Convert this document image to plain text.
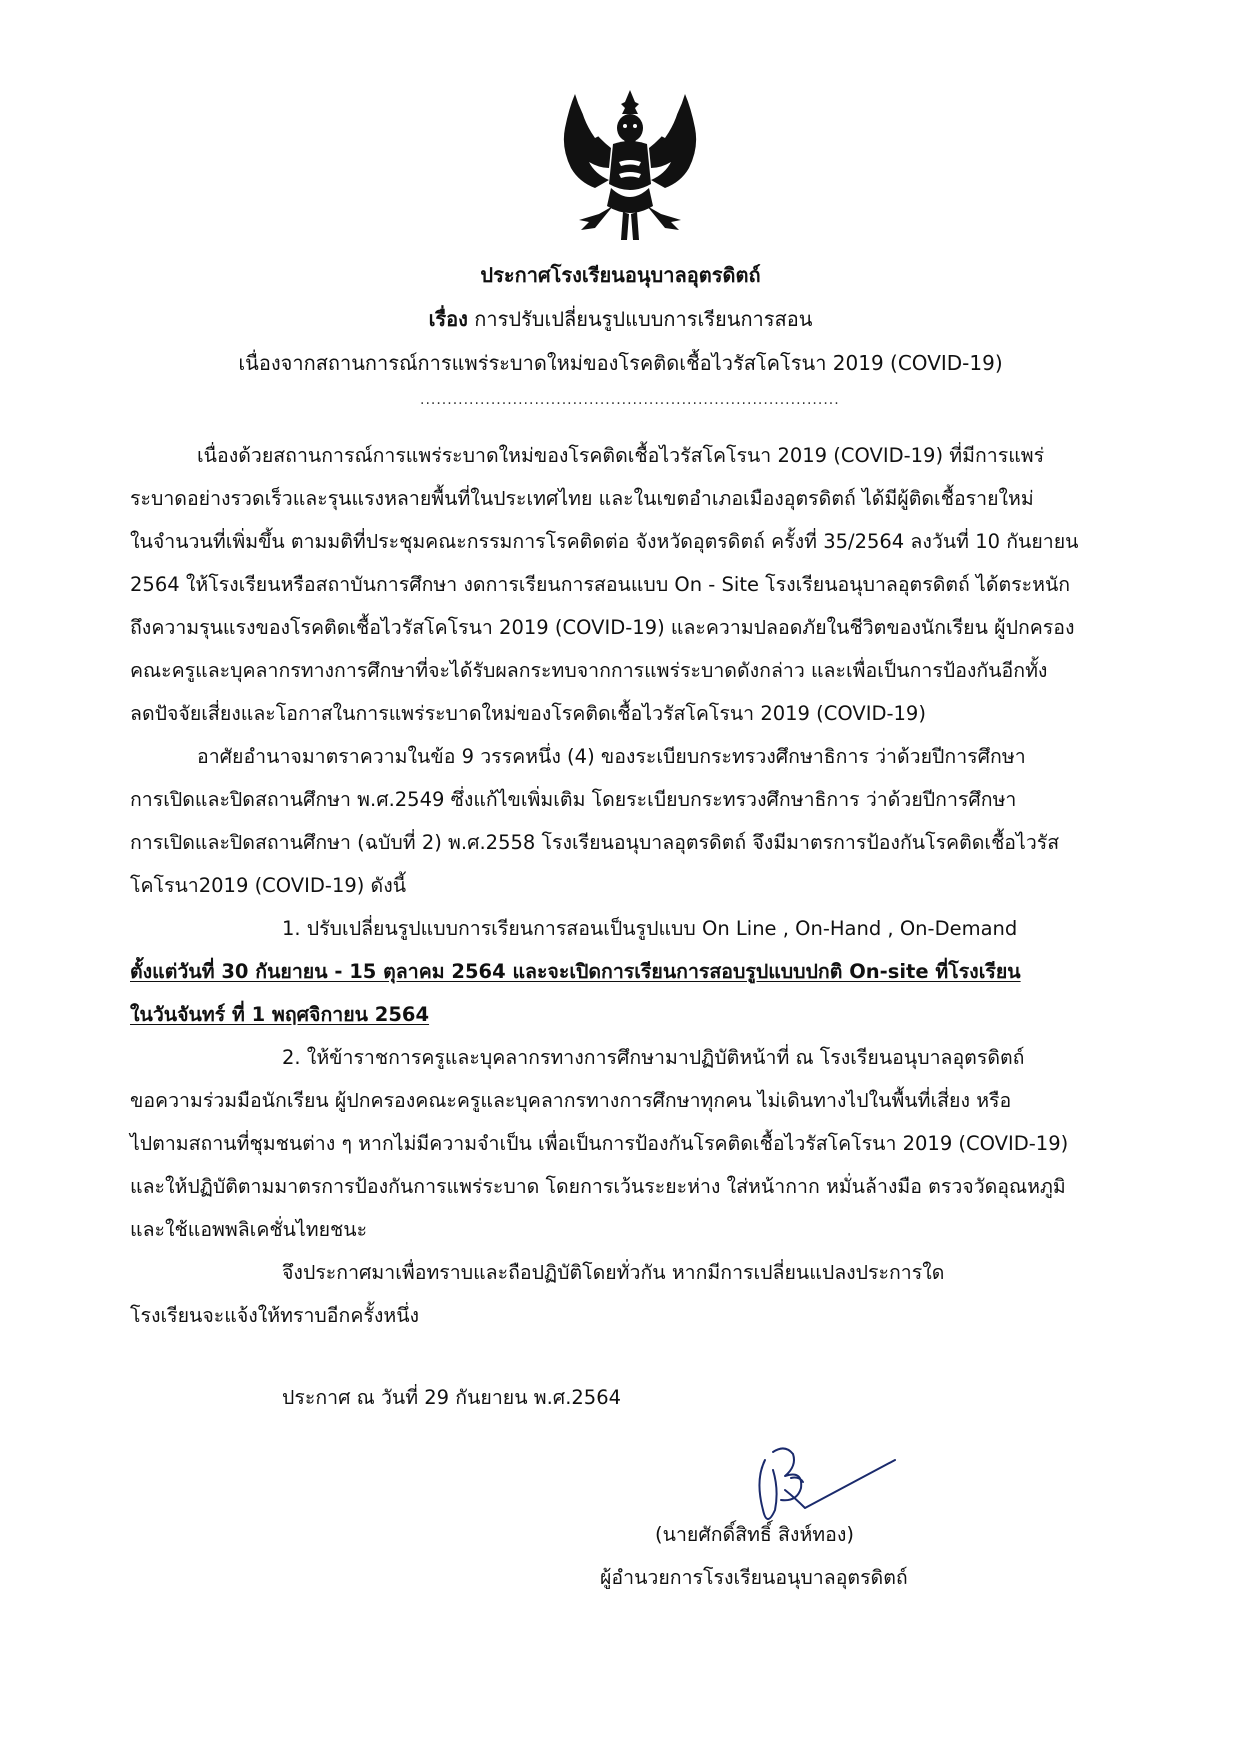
ประกาศโรงเรียนอนุบาลอุตรดิตถ์
เรื่อง การปรับเปลี่ยนรูปแบบการเรียนการสอน
เนื่องจากสถานการณ์การแพร่ระบาดใหม่ของโรคติดเชื้อไวรัสโคโรนา 2019 (COVID-19)
.............................................................................
เนื่องด้วยสถานการณ์การแพร่ระบาดใหม่ของโรคติดเชื้อไวรัสโคโรนา 2019 (COVID-19) ที่มีการแพร่
ระบาดอย่างรวดเร็วและรุนแรงหลายพื้นที่ในประเทศไทย และในเขตอำเภอเมืองอุตรดิตถ์ ได้มีผู้ติดเชื้อรายใหม่
ในจำนวนที่เพิ่มขึ้น ตามมติที่ประชุมคณะกรรมการโรคติดต่อ จังหวัดอุตรดิตถ์ ครั้งที่ 35/2564 ลงวันที่ 10 กันยายน
2564 ให้โรงเรียนหรือสถาบันการศึกษา งดการเรียนการสอนแบบ On - Site โรงเรียนอนุบาลอุตรดิตถ์ ได้ตระหนัก
ถึงความรุนแรงของโรคติดเชื้อไวรัสโคโรนา 2019 (COVID-19) และความปลอดภัยในชีวิตของนักเรียน ผู้ปกครอง
คณะครูและบุคลากรทางการศึกษาที่จะได้รับผลกระทบจากการแพร่ระบาดดังกล่าว และเพื่อเป็นการป้องกันอีกทั้ง
ลดปัจจัยเสี่ยงและโอกาสในการแพร่ระบาดใหม่ของโรคติดเชื้อไวรัสโคโรนา 2019 (COVID-19)
อาศัยอำนาจมาตราความในข้อ 9 วรรคหนึ่ง (4) ของระเบียบกระทรวงศึกษาธิการ ว่าด้วยปีการศึกษา
การเปิดและปิดสถานศึกษา พ.ศ.2549 ซึ่งแก้ไขเพิ่มเติม โดยระเบียบกระทรวงศึกษาธิการ ว่าด้วยปีการศึกษา
การเปิดและปิดสถานศึกษา (ฉบับที่ 2) พ.ศ.2558 โรงเรียนอนุบาลอุตรดิตถ์ จึงมีมาตรการป้องกันโรคติดเชื้อไวรัส
โคโรนา2019 (COVID-19) ดังนี้
1. ปรับเปลี่ยนรูปแบบการเรียนการสอนเป็นรูปแบบ On Line , On-Hand , On-Demand
ตั้งแต่วันที่ 30 กันยายน - 15 ตุลาคม 2564 และจะเปิดการเรียนการสอบรูปแบบปกติ On-site ที่โรงเรียน
ในวันจันทร์ ที่ 1 พฤศจิกายน 2564
2. ให้ข้าราชการครูและบุคลากรทางการศึกษามาปฏิบัติหน้าที่ ณ โรงเรียนอนุบาลอุตรดิตถ์
ขอความร่วมมือนักเรียน ผู้ปกครองคณะครูและบุคลากรทางการศึกษาทุกคน ไม่เดินทางไปในพื้นที่เสี่ยง หรือ
ไปตามสถานที่ชุมชนต่าง ๆ หากไม่มีความจำเป็น เพื่อเป็นการป้องกันโรคติดเชื้อไวรัสโคโรนา 2019 (COVID-19)
และให้ปฏิบัติตามมาตรการป้องกันการแพร่ระบาด โดยการเว้นระยะห่าง ใส่หน้ากาก หมั่นล้างมือ ตรวจวัดอุณหภูมิ
และใช้แอพพลิเคชั่นไทยชนะ
จึงประกาศมาเพื่อทราบและถือปฏิบัติโดยทั่วกัน หากมีการเปลี่ยนแปลงประการใด
โรงเรียนจะแจ้งให้ทราบอีกครั้งหนึ่ง
ประกาศ ณ วันที่ 29 กันยายน พ.ศ.2564
(นายศักดิ์สิทธิ์ สิงห์ทอง)
ผู้อำนวยการโรงเรียนอนุบาลอุตรดิตถ์
